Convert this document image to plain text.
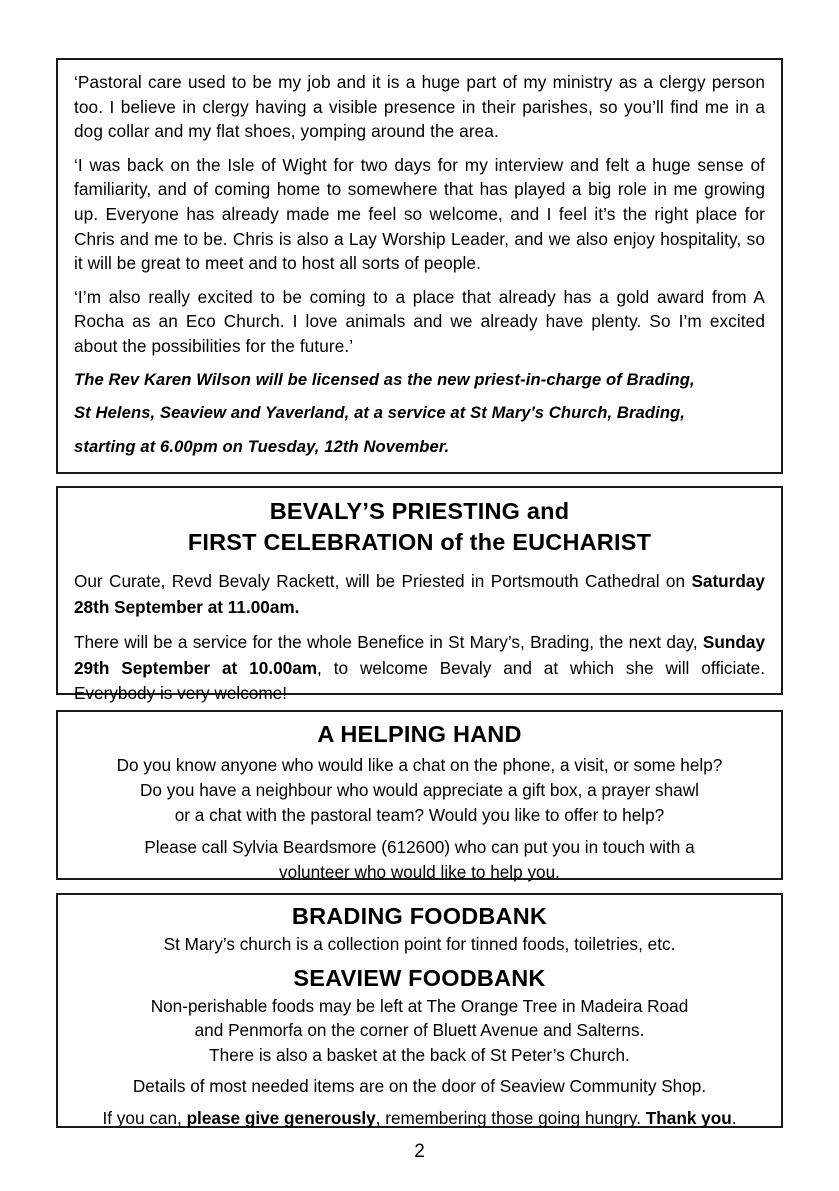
‘Pastoral care used to be my job and it is a huge part of my ministry as a clergy person too. I believe in clergy having a visible presence in their parishes, so you’ll find me in a dog collar and my flat shoes, yomping around the area.

‘I was back on the Isle of Wight for two days for my interview and felt a huge sense of familiarity, and of coming home to somewhere that has played a big role in me growing up. Everyone has already made me feel so welcome, and I feel it’s the right place for Chris and me to be. Chris is also a Lay Worship Leader, and we also enjoy hospitality, so it will be great to meet and to host all sorts of people.

‘I’m also really excited to be coming to a place that already has a gold award from A Rocha as an Eco Church. I love animals and we already have plenty. So I’m excited about the possibilities for the future.’

The Rev Karen Wilson will be licensed as the new priest-in-charge of Brading,

St Helens, Seaview and Yaverland, at a service at St Mary's Church, Brading,

starting at 6.00pm on Tuesday, 12th November.

BEVALY’S PRIESTING and
FIRST CELEBRATION of the EUCHARIST

Our Curate, Revd Bevaly Rackett, will be Priested in Portsmouth Cathedral on Saturday 28th September at 11.00am.

There will be a service for the whole Benefice in St Mary’s, Brading, the next day, Sunday 29th September at 10.00am, to welcome Bevaly and at which she will officiate. Everybody is very welcome!

A HELPING HAND

Do you know anyone who would like a chat on the phone, a visit, or some help?

Do you have a neighbour who would appreciate a gift box, a prayer shawl

or a chat with the pastoral team? Would you like to offer to help?

Please call Sylvia Beardsmore (612600) who can put you in touch with a

volunteer who would like to help you.

BRADING FOODBANK

St Mary’s church is a collection point for tinned foods, toiletries, etc.

SEAVIEW FOODBANK

Non-perishable foods may be left at The Orange Tree in Madeira Road

and Penmorfa on the corner of Bluett Avenue and Salterns.

There is also a basket at the back of St Peter’s Church.

Details of most needed items are on the door of Seaview Community Shop.

If you can, please give generously, remembering those going hungry. Thank you.

2
